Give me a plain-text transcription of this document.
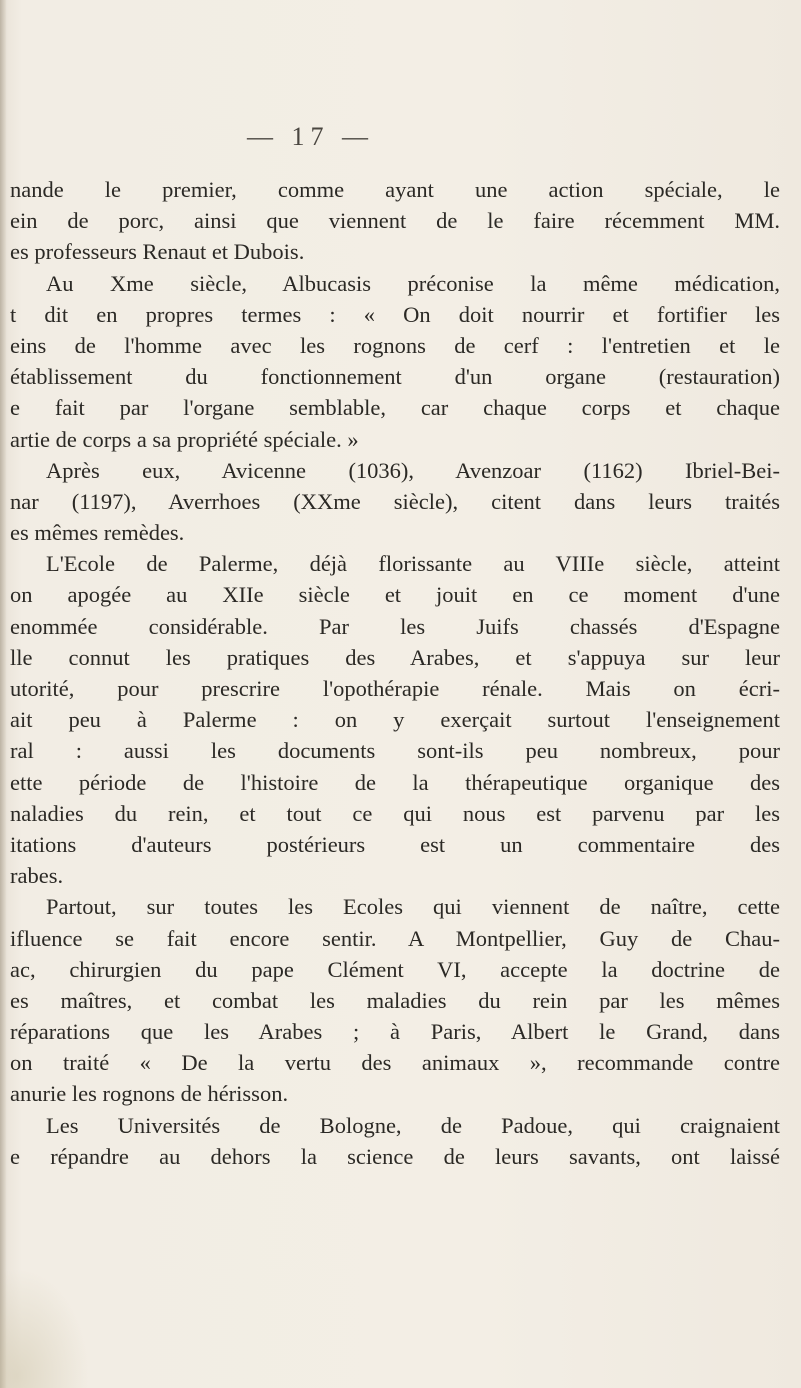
— 17 —
nande le premier, comme ayant une action spéciale, le
ein de porc, ainsi que viennent de le faire récemment MM.
es professeurs Renaut et Dubois.
Au Xme siècle, Albucasis préconise la même médication,
t dit en propres termes : « On doit nourrir et fortifier les
eins de l'homme avec les rognons de cerf : l'entretien et le
établissement du fonctionnement d'un organe (restauration)
e fait par l'organe semblable, car chaque corps et chaque
artie de corps a sa propriété spéciale. »
Après eux, Avicenne (1036), Avenzoar (1162) Ibriel-Bei-
nar (1197), Averrhoes (XXme siècle), citent dans leurs traités
es mêmes remèdes.
L'Ecole de Palerme, déjà florissante au VIIIe siècle, atteint
on apogée au XIIe siècle et jouit en ce moment d'une
enommée considérable. Par les Juifs chassés d'Espagne
lle connut les pratiques des Arabes, et s'appuya sur leur
utorité, pour prescrire l'opothérapie rénale. Mais on écri-
ait peu à Palerme : on y exerçait surtout l'enseignement
ral : aussi les documents sont-ils peu nombreux, pour
ette période de l'histoire de la thérapeutique organique des
naladies du rein, et tout ce qui nous est parvenu par les
itations d'auteurs postérieurs est un commentaire des
rabes.
Partout, sur toutes les Ecoles qui viennent de naître, cette
ifluence se fait encore sentir. A Montpellier, Guy de Chau-
ac, chirurgien du pape Clément VI, accepte la doctrine de
es maîtres, et combat les maladies du rein par les mêmes
réparations que les Arabes ; à Paris, Albert le Grand, dans
on traité « De la vertu des animaux », recommande contre
anurie les rognons de hérisson.
Les Universités de Bologne, de Padoue, qui craignaient
e répandre au dehors la science de leurs savants, ont laissé
